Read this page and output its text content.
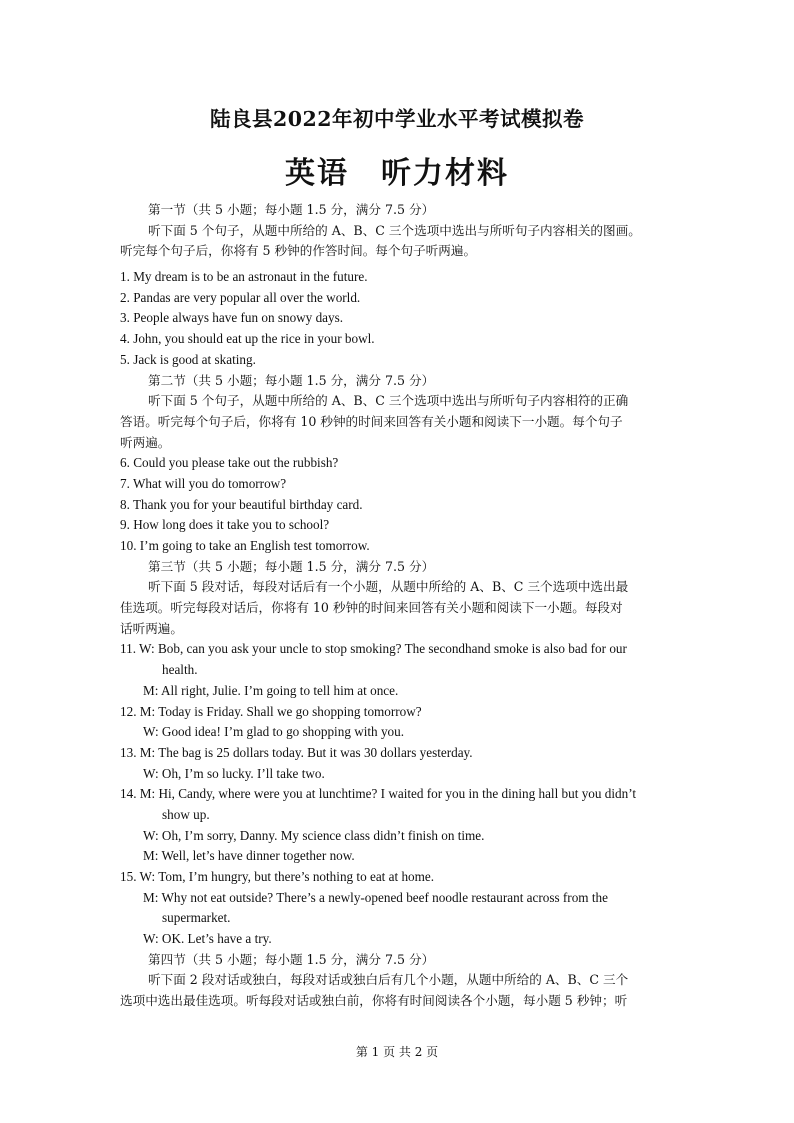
陆良县2022年初中学业水平考试模拟卷
英语　听力材料
第一节（共 5 小题；每小题 1.5 分，满分 7.5 分）
听下面 5 个句子，从题中所给的 A、B、C 三个选项中选出与所听句子内容相关的图画。
听完每个句子后，你将有 5 秒钟的作答时间。每个句子听两遍。
1. My dream is to be an astronaut in the future.
2. Pandas are very popular all over the world.
3. People always have fun on snowy days.
4. John, you should eat up the rice in your bowl.
5. Jack is good at skating.
第二节（共 5 小题；每小题 1.5 分，满分 7.5 分）
听下面 5 个句子，从题中所给的 A、B、C 三个选项中选出与所听句子内容相符的正确
答语。听完每个句子后，你将有 10 秒钟的时间来回答有关小题和阅读下一小题。每个句子
听两遍。
6. Could you please take out the rubbish?
7. What will you do tomorrow?
8. Thank you for your beautiful birthday card.
9. How long does it take you to school?
10. I’m going to take an English test tomorrow.
第三节（共 5 小题；每小题 1.5 分，满分 7.5 分）
听下面 5 段对话，每段对话后有一个小题，从题中所给的 A、B、C 三个选项中选出最
佳选项。听完每段对话后，你将有 10 秒钟的时间来回答有关小题和阅读下一小题。每段对
话听两遍。
11. W: Bob, can you ask your uncle to stop smoking? The secondhand smoke is also bad for our
health.
M: All right, Julie. I’m going to tell him at once.
12. M: Today is Friday. Shall we go shopping tomorrow?
W: Good idea! I’m glad to go shopping with you.
13. M: The bag is 25 dollars today. But it was 30 dollars yesterday.
W: Oh, I’m so lucky. I’ll take two.
14. M: Hi, Candy, where were you at lunchtime? I waited for you in the dining hall but you didn’t
show up.
W: Oh, I’m sorry, Danny. My science class didn’t finish on time.
M: Well, let’s have dinner together now.
15. W: Tom, I’m hungry, but there’s nothing to eat at home.
M: Why not eat outside? There’s a newly-opened beef noodle restaurant across from the
supermarket.
W: OK. Let’s have a try.
第四节（共 5 小题；每小题 1.5 分，满分 7.5 分）
听下面 2 段对话或独白，每段对话或独白后有几个小题，从题中所给的 A、B、C 三个
选项中选出最佳选项。听每段对话或独白前，你将有时间阅读各个小题，每小题 5 秒钟；听
第 1 页 共 2 页
